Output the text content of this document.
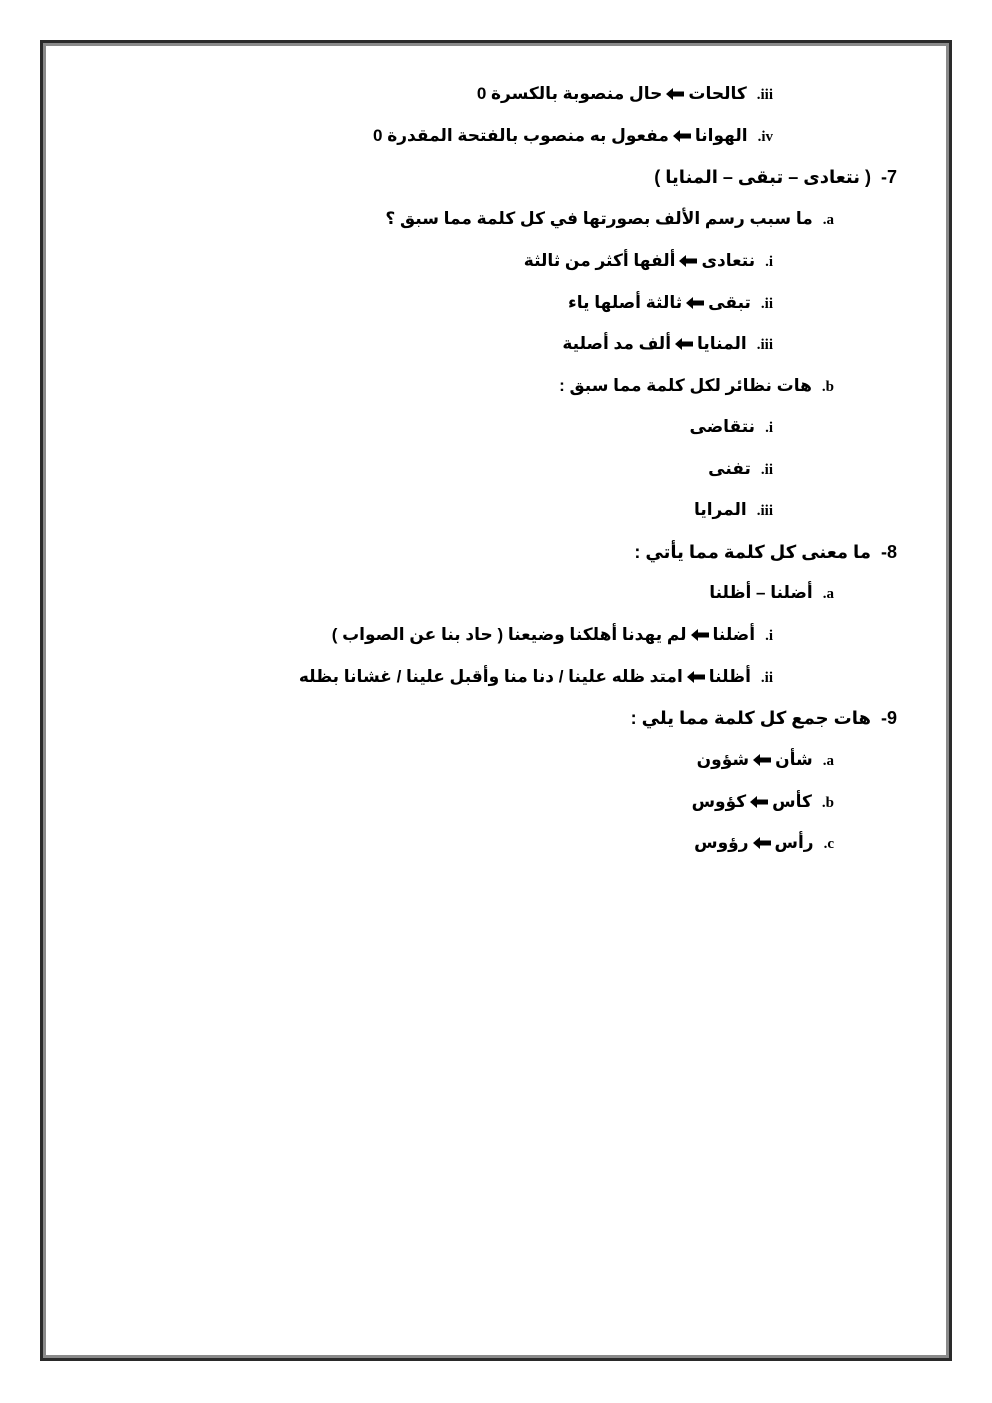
.iiiكالحات
حال منصوبة بالكسرة 0
.ivالهوانا
مفعول به منصوب بالفتحة المقدرة 0
-7  ( نتعادى – تبقى – المنايا )
.aما سبب رسم الألف بصورتها في كل كلمة مما سبق ؟
.iنتعادى
ألفها أكثر من ثالثة
.iiتبقى
ثالثة أصلها ياء
.iiiالمنايا
ألف مد أصلية
.bهات نظائر لكل كلمة مما سبق :
.iنتقاضى
.iiتفنى
.iiiالمرايا
-8  ما معنى كل كلمة مما يأتي :
.aأضلنا – أظلنا
.iأضلنا
لم يهدنا أهلكنا وضيعنا ( حاد بنا عن الصواب )
.iiأظلنا
امتد ظله علينا / دنا منا وأقبل علينا / غشانا بظله
-9  هات جمع كل كلمة مما يلي :
.aشأن
شؤون
.bكأس
كؤوس
.cرأس
رؤوس
